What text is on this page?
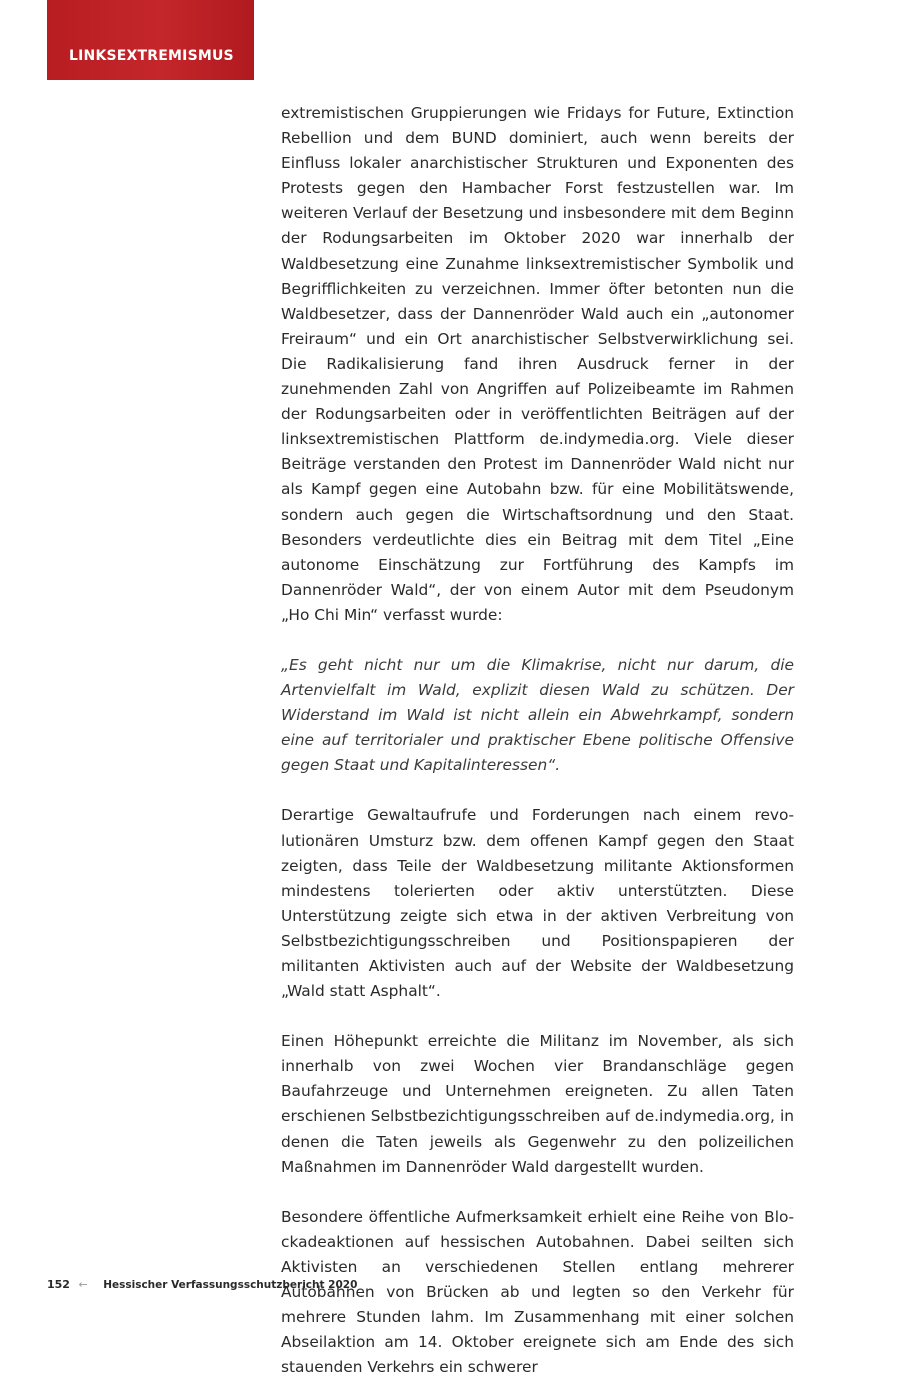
LINKSEXTREMISMUS

extremistischen Gruppierungen wie Fridays for Future, Extinction Rebellion und dem BUND dominiert, auch wenn bereits der Einfluss lokaler anarchistischer Strukturen und Exponenten des Protests gegen den Hambacher Forst festzustellen war. Im weiteren Verlauf der Besetzung und insbesondere mit dem Beginn der Rodungsarbeiten im Oktober 2020 war innerhalb der Waldbesetzung eine Zunahme linksextremistischer Symbolik und Begrifflichkeiten zu verzeichnen. Immer öfter betonten nun die Waldbesetzer, dass der Dannenröder Wald auch ein „autonomer Freiraum“ und ein Ort anarchistischer Selbstverwirklichung sei. Die Radikalisierung fand ihren Ausdruck ferner in der zunehmenden Zahl von Angriffen auf Polizeibeamte im Rahmen der Rodungsarbeiten oder in veröffentlichten Beiträgen auf der linksextremistischen Plattform de.indymedia.org. Viele dieser Beiträge verstanden den Protest im Dannenröder Wald nicht nur als Kampf gegen eine Autobahn bzw. für eine Mobilitätswende, sondern auch gegen die Wirtschaftsordnung und den Staat. Besonders verdeutlichte dies ein Beitrag mit dem Titel „Eine autonome Einschätzung zur Fortführung des Kampfs im Dannenröder Wald“, der von einem Autor mit dem Pseudonym „Ho Chi Min“ verfasst wurde:

„Es geht nicht nur um die Klimakrise, nicht nur darum, die Artenvielfalt im Wald, explizit diesen Wald zu schützen. Der Widerstand im Wald ist nicht allein ein Abwehrkampf, sondern eine auf territorialer und praktischer Ebene politische Offensive gegen Staat und Kapitalinteressen“.

Derartige Gewaltaufrufe und Forderungen nach einem revolutionären Umsturz bzw. dem offenen Kampf gegen den Staat zeigten, dass Teile der Waldbesetzung militante Aktionsformen mindestens tolerierten oder aktiv unterstützten. Diese Unterstützung zeigte sich etwa in der aktiven Verbreitung von Selbstbezichtigungsschreiben und Positionspapieren der militanten Aktivisten auch auf der Website der Waldbesetzung „Wald statt Asphalt“.

Einen Höhepunkt erreichte die Militanz im November, als sich innerhalb von zwei Wochen vier Brandanschläge gegen Baufahrzeuge und Unternehmen ereigneten. Zu allen Taten erschienen Selbstbezichtigungsschreiben auf de.indymedia.org, in denen die Taten jeweils als Gegenwehr zu den polizeilichen Maßnahmen im Dannenröder Wald dargestellt wurden.

Besondere öffentliche Aufmerksamkeit erhielt eine Reihe von Blockadeaktionen auf hessischen Autobahnen. Dabei seilten sich Aktivisten an verschiedenen Stellen entlang mehrerer Autobahnen von Brücken ab und legten so den Verkehr für mehrere Stunden lahm. Im Zusammenhang mit einer solchen Abseilaktion am 14. Oktober ereignete sich am Ende des sich stauenden Verkehrs ein schwerer

152 ← Hessischer Verfassungsschutzbericht 2020
